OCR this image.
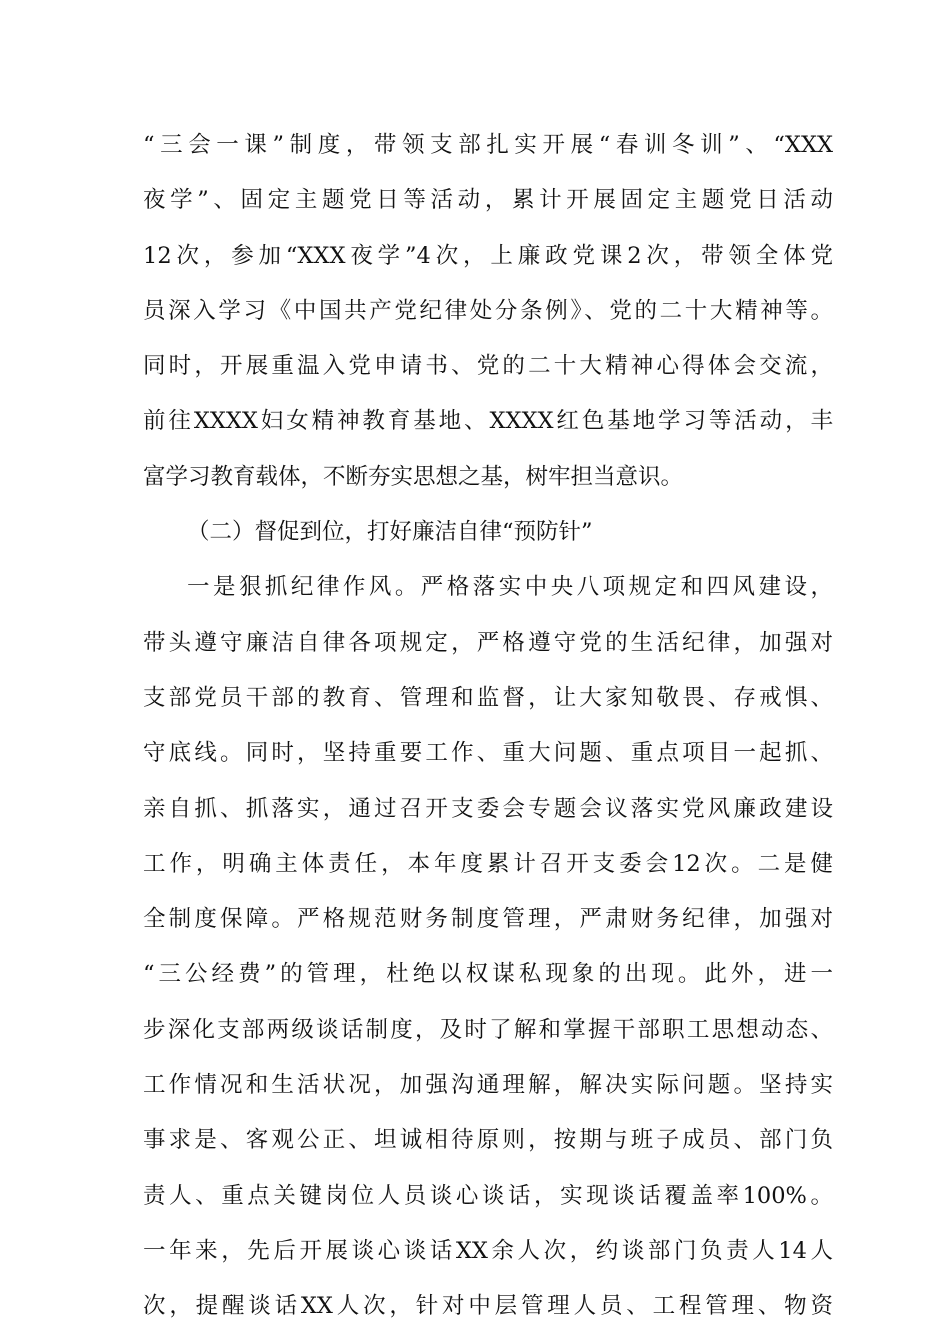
“三会一课”制度，带领支部扎实开展“春训冬训”、“XXX
夜学”、固定主题党日等活动，累计开展固定主题党日活动
12次，参加“XXX夜学”4次，上廉政党课2次，带领全体党
员深入学习《中国共产党纪律处分条例》、党的二十大精神等。
同时，开展重温入党申请书、党的二十大精神心得体会交流，
前往XXXX妇女精神教育基地、XXXX红色基地学习等活动，丰
富学习教育载体，不断夯实思想之基，树牢担当意识。
（二）督促到位，打好廉洁自律“预防针”
一是狠抓纪律作风。严格落实中央八项规定和四风建设，
带头遵守廉洁自律各项规定，严格遵守党的生活纪律，加强对
支部党员干部的教育、管理和监督，让大家知敬畏、存戒惧、
守底线。同时，坚持重要工作、重大问题、重点项目一起抓、
亲自抓、抓落实，通过召开支委会专题会议落实党风廉政建设
工作，明确主体责任，本年度累计召开支委会12次。二是健
全制度保障。严格规范财务制度管理，严肃财务纪律，加强对
“三公经费”的管理，杜绝以权谋私现象的出现。此外，进一
步深化支部两级谈话制度，及时了解和掌握干部职工思想动态、
工作情况和生活状况，加强沟通理解，解决实际问题。坚持实
事求是、客观公正、坦诚相待原则，按期与班子成员、部门负
责人、重点关键岗位人员谈心谈话，实现谈话覆盖率100%。
一年来，先后开展谈心谈话XX余人次，约谈部门负责人14人
次，提醒谈话XX人次，针对中层管理人员、工程管理、物资
